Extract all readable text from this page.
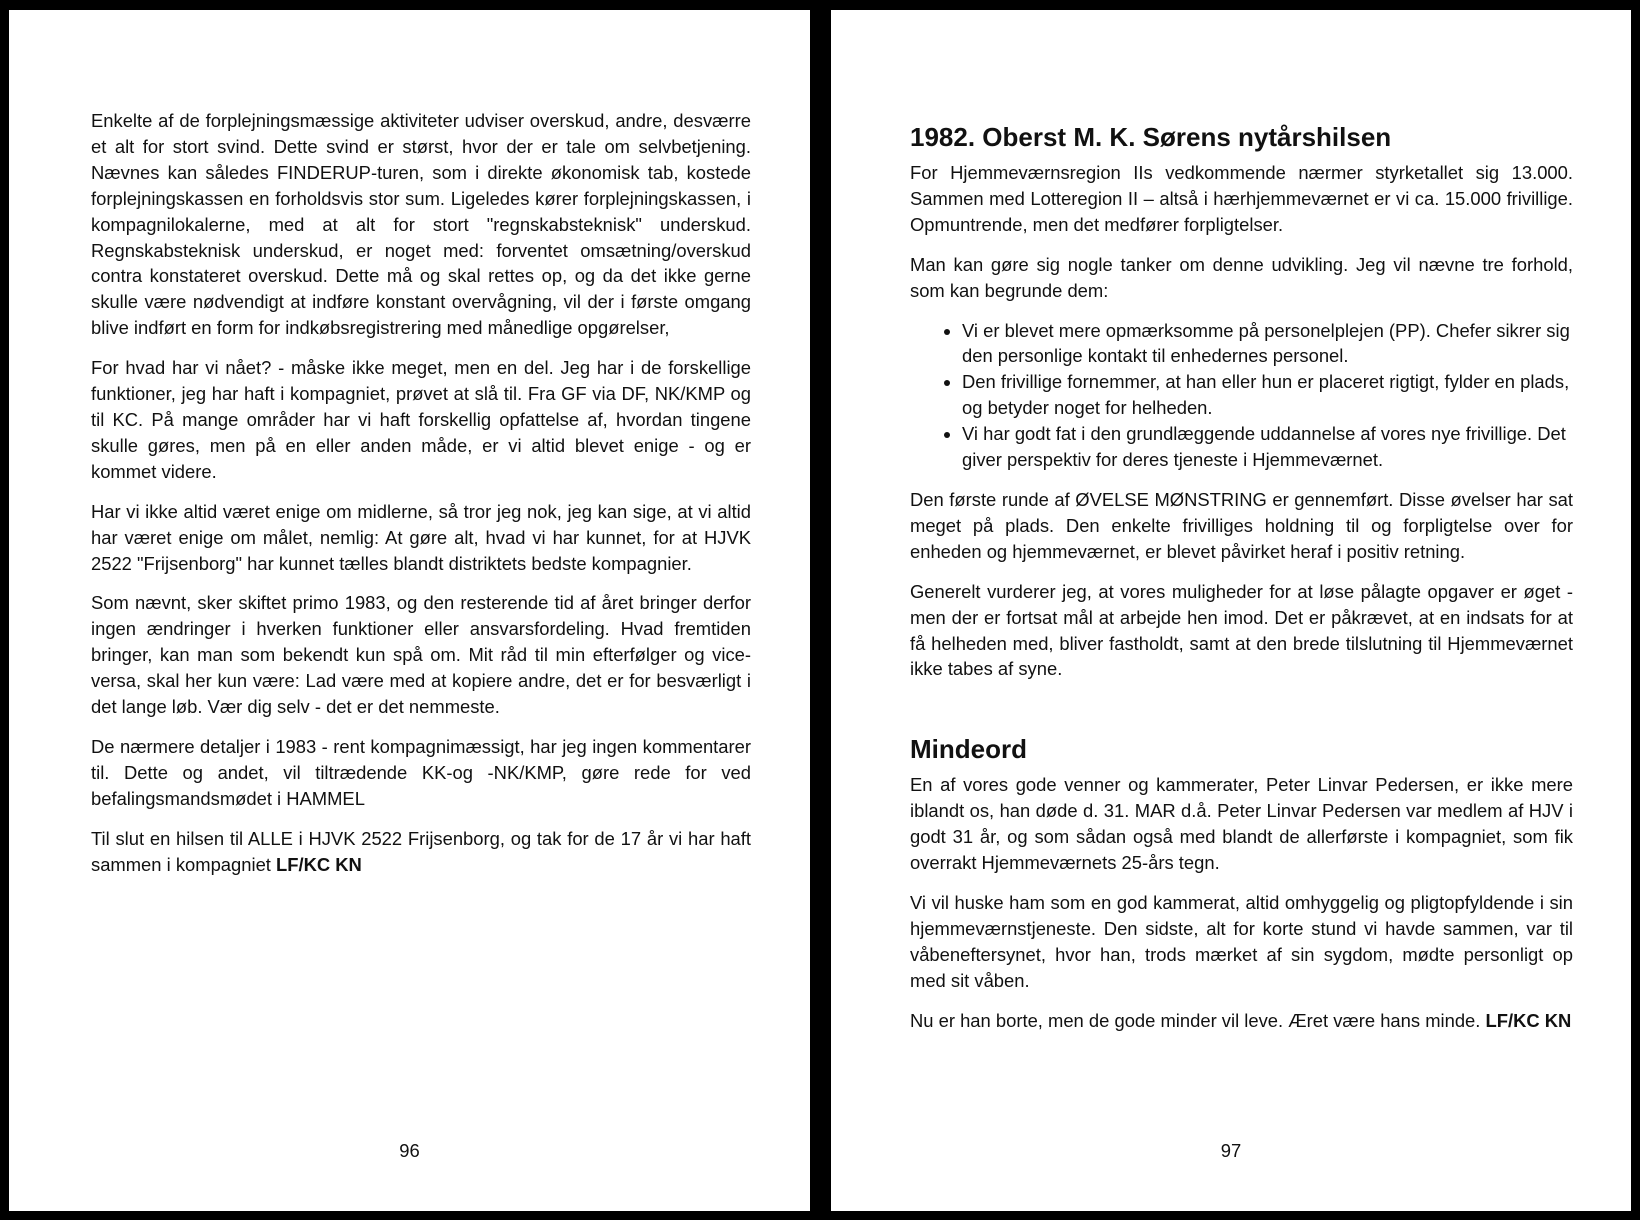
Enkelte af de forplejningsmæssige aktiviteter udviser overskud, andre, desværre et alt for stort svind. Dette svind er størst, hvor der er tale om selvbetjening. Nævnes kan således FINDERUP-turen, som i direkte økonomisk tab, kostede forplejningskassen en forholdsvis stor sum. Ligeledes kører forplejningskassen, i kompagnilokalerne, med at alt for stort "regnskabsteknisk" underskud. Regnskabsteknisk underskud, er noget med: forventet omsætning/overskud contra konstateret overskud. Dette må og skal rettes op, og da det ikke gerne skulle være nødvendigt at indføre konstant overvågning, vil der i første omgang blive indført en form for indkøbsregistrering med månedlige opgørelser,

For hvad har vi nået? - måske ikke meget, men en del. Jeg har i de forskellige funktioner, jeg har haft i kompagniet, prøvet at slå til. Fra GF via DF, NK/KMP og til KC. På mange områder har vi haft forskellig opfattelse af, hvordan tingene skulle gøres, men på en eller anden måde, er vi altid blevet enige - og er kommet videre.

Har vi ikke altid været enige om midlerne, så tror jeg nok, jeg kan sige, at vi altid har været enige om målet, nemlig: At gøre alt, hvad vi har kunnet, for at HJVK 2522 "Frijsenborg" har kunnet tælles blandt distriktets bedste kompagnier.

Som nævnt, sker skiftet primo 1983, og den resterende tid af året bringer derfor ingen ændringer i hverken funktioner eller ansvarsfordeling. Hvad fremtiden bringer, kan man som bekendt kun spå om. Mit råd til min efterfølger og vice-versa, skal her kun være: Lad være med at kopiere andre, det er for besværligt i det lange løb. Vær dig selv - det er det nemmeste.

De nærmere detaljer i 1983 - rent kompagnimæssigt, har jeg ingen kommentarer til. Dette og andet, vil tiltrædende KK-og -NK/KMP, gøre rede for ved befalingsmandsmødet i HAMMEL

Til slut en hilsen til ALLE i HJVK 2522 Frijsenborg, og tak for de 17 år vi har haft sammen i kompagniet LF/KC KN

96
1982. Oberst M. K. Sørens nytårshilsen

For Hjemmeværnsregion IIs vedkommende nærmer styrketallet sig 13.000. Sammen med Lotteregion II – altså i hærhjemmeværnet er vi ca. 15.000 frivillige. Opmuntrende, men det medfører forpligtelser.

Man kan gøre sig nogle tanker om denne udvikling. Jeg vil nævne tre forhold, som kan begrunde dem:

• Vi er blevet mere opmærksomme på personelplejen (PP). Chefer sikrer sig den personlige kontakt til enhedernes personel.
• Den frivillige fornemmer, at han eller hun er placeret rigtigt, fylder en plads, og betyder noget for helheden.
• Vi har godt fat i den grundlæggende uddannelse af vores nye frivillige. Det giver perspektiv for deres tjeneste i Hjemmeværnet.

Den første runde af ØVELSE MØNSTRING er gennemført. Disse øvelser har sat meget på plads. Den enkelte frivilliges holdning til og forpligtelse over for enheden og hjemmeværnet, er blevet påvirket heraf i positiv retning.

Generelt vurderer jeg, at vores muligheder for at løse pålagte opgaver er øget - men der er fortsat mål at arbejde hen imod. Det er påkrævet, at en indsats for at få helheden med, bliver fastholdt, samt at den brede tilslutning til Hjemmeværnet ikke tabes af syne.

Mindeord

En af vores gode venner og kammerater, Peter Linvar Pedersen, er ikke mere iblandt os, han døde d. 31. MAR d.å. Peter Linvar Pedersen var medlem af HJV i godt 31 år, og som sådan også med blandt de allerførste i kompagniet, som fik overrakt Hjemmeværnets 25-års tegn.

Vi vil huske ham som en god kammerat, altid omhyggelig og pligtopfyldende i sin hjemmeværnstjeneste. Den sidste, alt for korte stund vi havde sammen, var til våbeneftersynet, hvor han, trods mærket af sin sygdom, mødte personligt op med sit våben.

Nu er han borte, men de gode minder vil leve. Æret være hans minde. LF/KC KN

97
